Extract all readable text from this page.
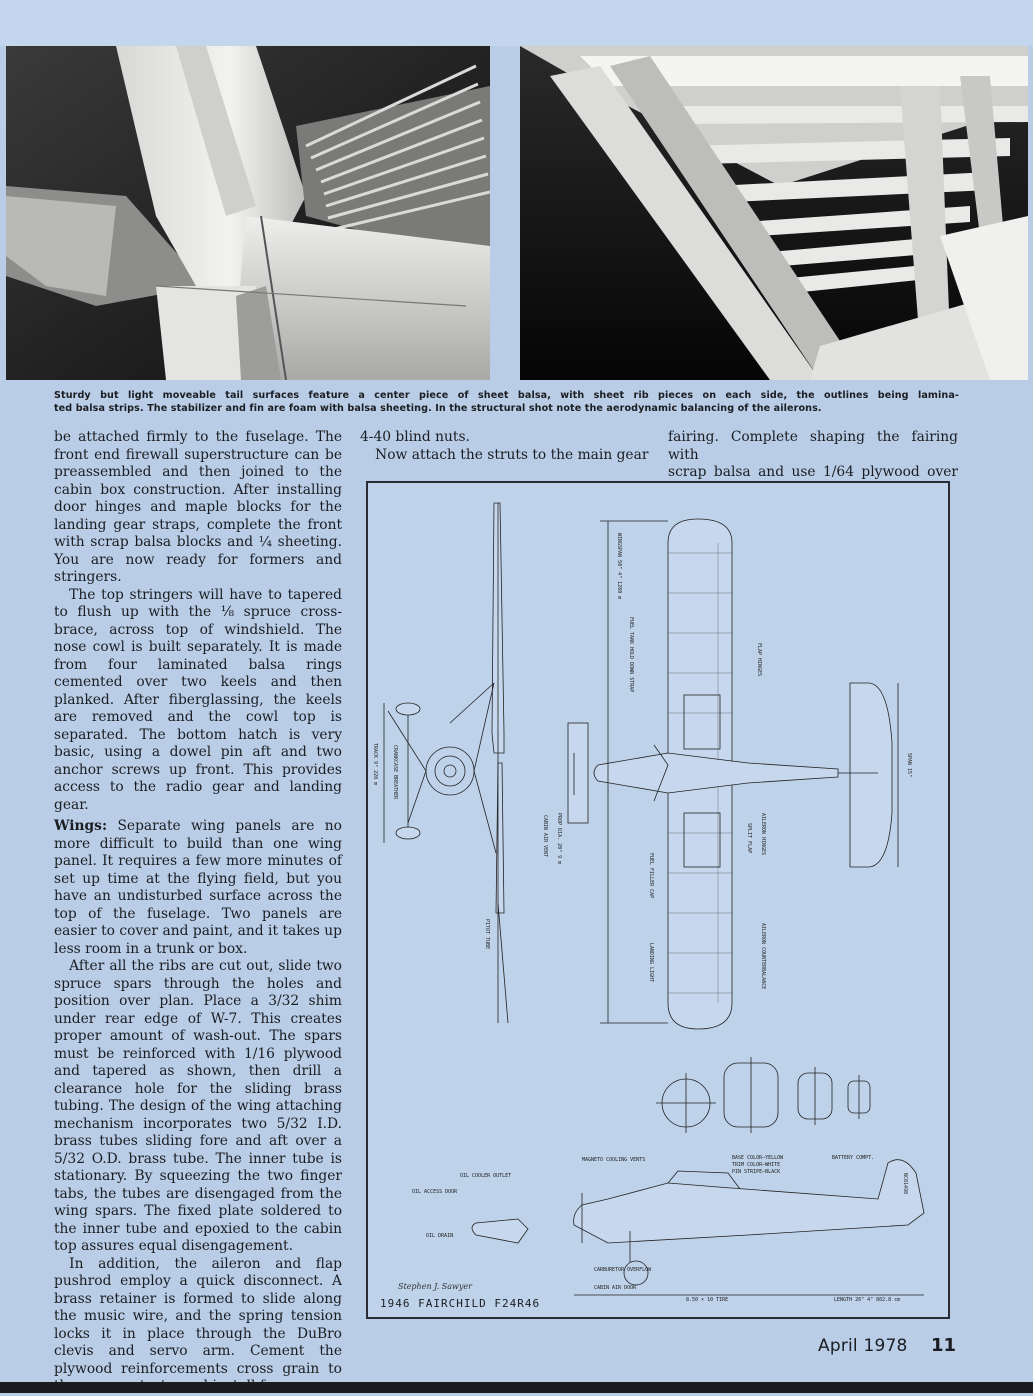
Sturdy but light moveable tail surfaces feature a center piece of sheet balsa, with sheet rib pieces on each side, the outlines being lamina-
ted balsa strips. The stabilizer and fin are foam with balsa sheeting. In the structural shot note the aerodynamic balancing of the ailerons.

be attached firmly to the fuselage. The front end firewall superstructure can be preassembled and then joined to the cabin box construction. After installing door hinges and maple blocks for the landing gear straps, complete the front with scrap balsa blocks and ¼ sheeting. You are now ready for formers and stringers.

The top stringers will have to tapered to flush up with the ⅛ spruce cross-brace, across top of windshield. The nose cowl is built separately. It is made from four laminated balsa rings cemented over two keels and then planked. After fiberglassing, the keels are removed and the cowl top is separated. The bottom hatch is very basic, using a dowel pin aft and two anchor screws up front. This provides access to the radio gear and landing gear.

Wings: Separate wing panels are no more difficult to build than one wing panel. It requires a few more minutes of set up time at the flying field, but you have an undisturbed surface across the top of the fuselage. Two panels are easier to cover and paint, and it takes up less room in a trunk or box.

After all the ribs are cut out, slide two spruce spars through the holes and position over plan. Place a 3/32 shim under rear edge of W-7. This creates proper amount of wash-out. The spars must be reinforced with 1/16 plywood and tapered as shown, then drill a clearance hole for the sliding brass tubing. The design of the wing attaching mechanism incorporates two 5/32 I.D. brass tubes sliding fore and aft over a 5/32 O.D. brass tube. The inner tube is stationary. By squeezing the two finger tabs, the tubes are disengaged from the wing spars. The fixed plate soldered to the inner tube and epoxied to the cabin top assures equal disengagement.

In addition, the aileron and flap pushrod employ a quick disconnect. A brass retainer is formed to slide along the music wire, and the spring tension locks it in place through the DuBro clevis and servo arm. Cement the plywood reinforcements cross grain to

4-40 blind nuts.

Now attach the struts to the main gear

fairing. Complete shaping the fairing with

scrap balsa and use 1/64 plywood over

TRACK 9" 228 m	CRANKCASE BREATHER
CABIN AIR VENT
PITOT TUBE
WINGSPAN 50" 4" 1280 m
FUEL TANK HOLD DOWN STRAP	FLAP HINGES
PROP DIA. 20" 9 m
FUEL FILLER CAP
LANDING LIGHT
SPLIT FLAP AILERON HINGES
AILERON COUNTERBALANCE
SPAN 15"
MAGNETO COOLING VENTS	BASE COLOR—YELLOW
TRIM COLOR—WHITE
PIN STRIPE—BLACK
BATTERY COMPT.
OIL COOLER OUTLET
OIL ACCESS DOOR
OIL DRAIN
CARBURETOR OVERFLOW
CABIN AIR DOOR
8.50 × 10 TIRE	LENGTH 26" 4" 802.8 cm
NC81498
Stephen J. Sawyer
1946 FAIRCHILD F24R46
April 1978 11
